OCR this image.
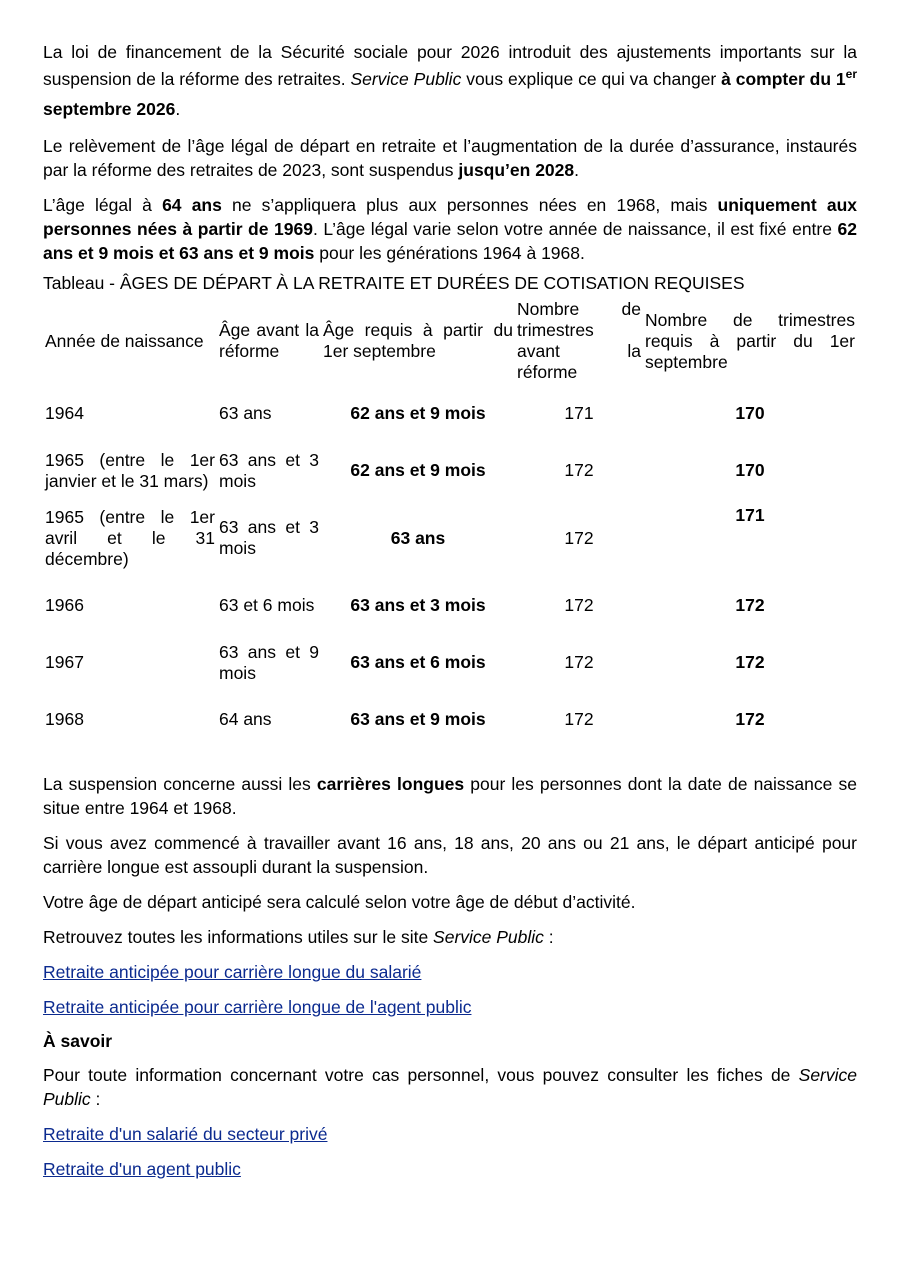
La loi de financement de la Sécurité sociale pour 2026 introduit des ajustements importants sur la suspension de la réforme des retraites. Service Public vous explique ce qui va changer à compter du 1er septembre 2026.

Le relèvement de l’âge légal de départ en retraite et l’augmentation de la durée d’assurance, instaurés par la réforme des retraites de 2023, sont suspendus jusqu’en 2028.

L’âge légal à 64 ans ne s’appliquera plus aux personnes nées en 1968, mais uniquement aux personnes nées à partir de 1969. L’âge légal varie selon votre année de naissance, il est fixé entre 62 ans et 9 mois et 63 ans et 9 mois pour les générations 1964 à 1968.

Tableau - ÂGES DE DÉPART À LA RETRAITE ET DURÉES DE COTISATION REQUISES
Année de naissance	Âge avant la réforme	Âge requis à partir du 1er septembre	Nombre de trimestres avant la réforme	Nombre de trimestres requis à partir du 1er septembre
1964	63 ans	62 ans et 9 mois	171	170
1965 (entre le 1er janvier et le 31 mars)	63 ans et 3 mois	62 ans et 9 mois	172	170
1965 (entre le 1er avril et le 31 décembre)	63 ans et 3 mois	63 ans	172	171
1966	63 et 6 mois	63 ans et 3 mois	172	172
1967	63 ans et 9 mois	63 ans et 6 mois	172	172
1968	64 ans	63 ans et 9 mois	172	172

La suspension concerne aussi les carrières longues pour les personnes dont la date de naissance se situe entre 1964 et 1968.

Si vous avez commencé à travailler avant 16 ans, 18 ans, 20 ans ou 21 ans, le départ anticipé pour carrière longue est assoupli durant la suspension.

Votre âge de départ anticipé sera calculé selon votre âge de début d’activité.

Retrouvez toutes les informations utiles sur le site Service Public :

Retraite anticipée pour carrière longue du salarié
Retraite anticipée pour carrière longue de l'agent public
À savoir

Pour toute information concernant votre cas personnel, vous pouvez consulter les fiches de Service Public :

Retraite d'un salarié du secteur privé
Retraite d'un agent public
